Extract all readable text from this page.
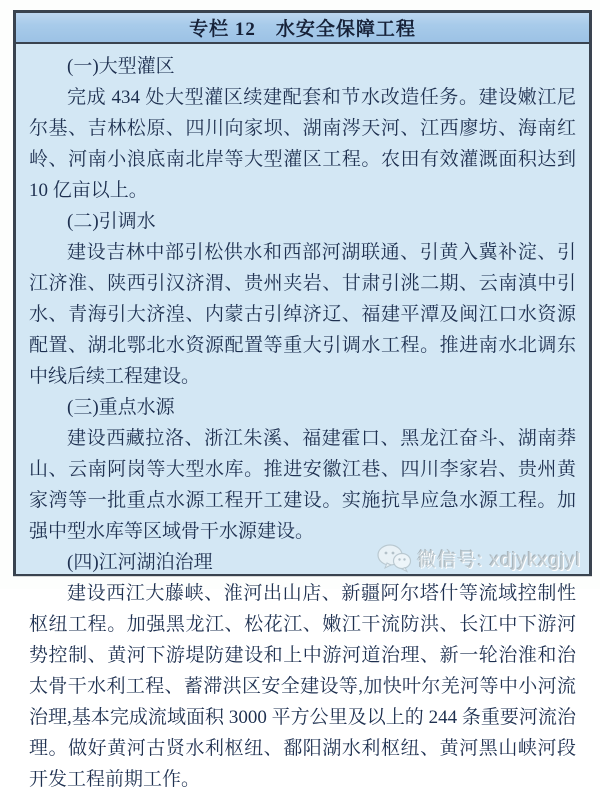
专栏 12　水安全保障工程

(一)大型灌区

完成 434 处大型灌区续建配套和节水改造任务。建设嫩江尼尔基、吉林松原、四川向家坝、湖南涔天河、江西廖坊、海南红岭、河南小浪底南北岸等大型灌区工程。农田有效灌溉面积达到 10 亿亩以上。

(二)引调水

建设吉林中部引松供水和西部河湖联通、引黄入冀补淀、引江济淮、陕西引汉济渭、贵州夹岩、甘肃引洮二期、云南滇中引水、青海引大济湟、内蒙古引绰济辽、福建平潭及闽江口水资源配置、湖北鄂北水资源配置等重大引调水工程。推进南水北调东中线后续工程建设。

(三)重点水源

建设西藏拉洛、浙江朱溪、福建霍口、黑龙江奋斗、湖南莽山、云南阿岗等大型水库。推进安徽江巷、四川李家岩、贵州黄家湾等一批重点水源工程开工建设。实施抗旱应急水源工程。加强中型水库等区域骨干水源建设。

(四)江河湖泊治理

建设西江大藤峡、淮河出山店、新疆阿尔塔什等流域控制性枢纽工程。加强黑龙江、松花江、嫩江干流防洪、长江中下游河势控制、黄河下游堤防建设和上中游河道治理、新一轮治淮和治太骨干水利工程、蓄滞洪区安全建设等,加快叶尔羌河等中小河流治理,基本完成流域面积 3000 平方公里及以上的 244 条重要河流治理。做好黄河古贤水利枢纽、鄱阳湖水利枢纽、黄河黑山峡河段开发工程前期工作。

微信号: xdjykxgjyl
